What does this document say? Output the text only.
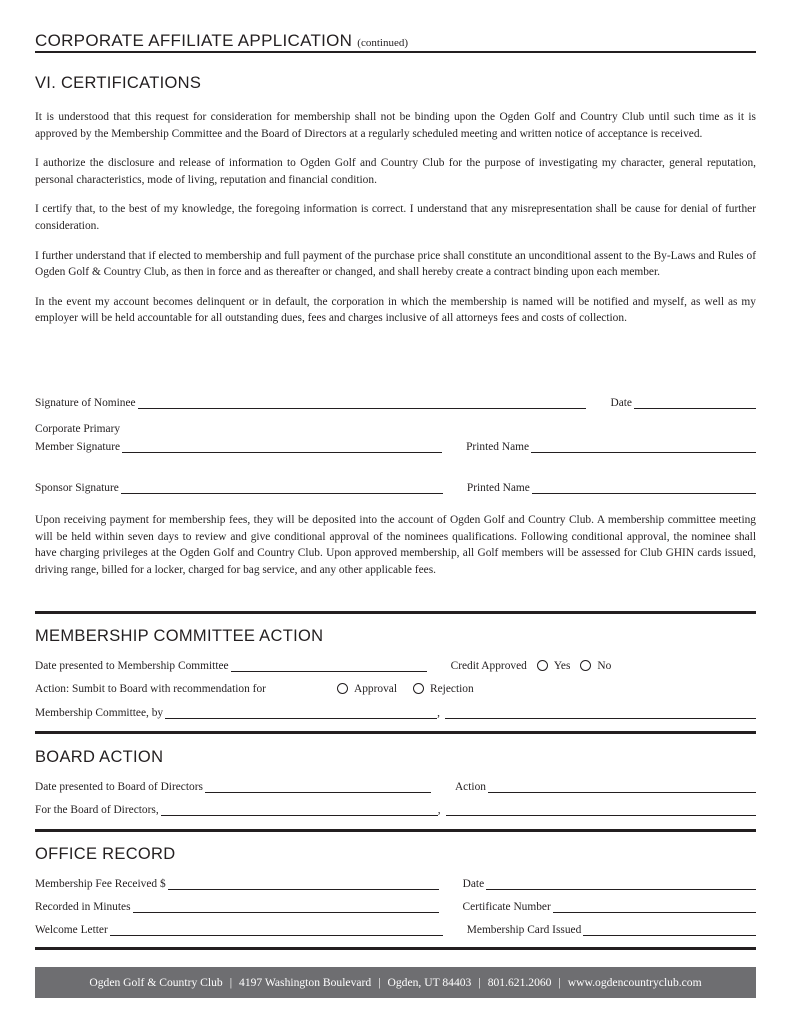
CORPORATE AFFILIATE APPLICATION (continued)
VI. CERTIFICATIONS

It is understood that this request for consideration for membership shall not be binding upon the Ogden Golf and Country Club until such time as it is approved by the Membership Committee and the Board of Directors at a regularly scheduled meeting and written notice of acceptance is received.

I authorize the disclosure and release of information to Ogden Golf and Country Club for the purpose of investigating my character, general reputation, personal characteristics, mode of living, reputation and financial condition.

I certify that, to the best of my knowledge, the foregoing information is correct. I understand that any misrepresentation shall be cause for denial of further consideration.

I further understand that if elected to membership and full payment of the purchase price shall constitute an unconditional assent to the By-Laws and Rules of Ogden Golf & Country Club, as then in force and as thereafter or changed, and shall hereby create a contract binding upon each member.

In the event my account becomes delinquent or in default, the corporation in which the membership is named will be notified and myself, as well as my employer will be held accountable for all outstanding dues, fees and charges inclusive of all attorneys fees and costs of collection.

Signature of Nominee	Date
Corporate Primary
Member Signature	Printed Name
Sponsor Signature	Printed Name

Upon receiving payment for membership fees, they will be deposited into the account of Ogden Golf and Country Club. A membership committee meeting will be held within seven days to review and give conditional approval of the nominees qualifications. Following conditional approval, the nominee shall have charging privileges at the Ogden Golf and Country Club. Upon approved membership, all Golf members will be assessed for Club GHIN cards issued, driving range, billed for a locker, charged for bag service, and any other applicable fees.

MEMBERSHIP COMMITTEE ACTION
Date presented to Membership Committee	Credit Approved Yes No
Action: Sumbit to Board with recommendation for	Approval	Rejection
Membership Committee, by	,
BOARD ACTION
Date presented to Board of Directors	Action
For the Board of Directors,	,
OFFICE RECORD
Membership Fee Received $	Date
Recorded in Minutes	Certificate Number
Welcome Letter	Membership Card Issued
Ogden Golf & Country Club | 4197 Washington Boulevard | Ogden, UT 84403 | 801.621.2060 | www.ogdencountryclub.com
